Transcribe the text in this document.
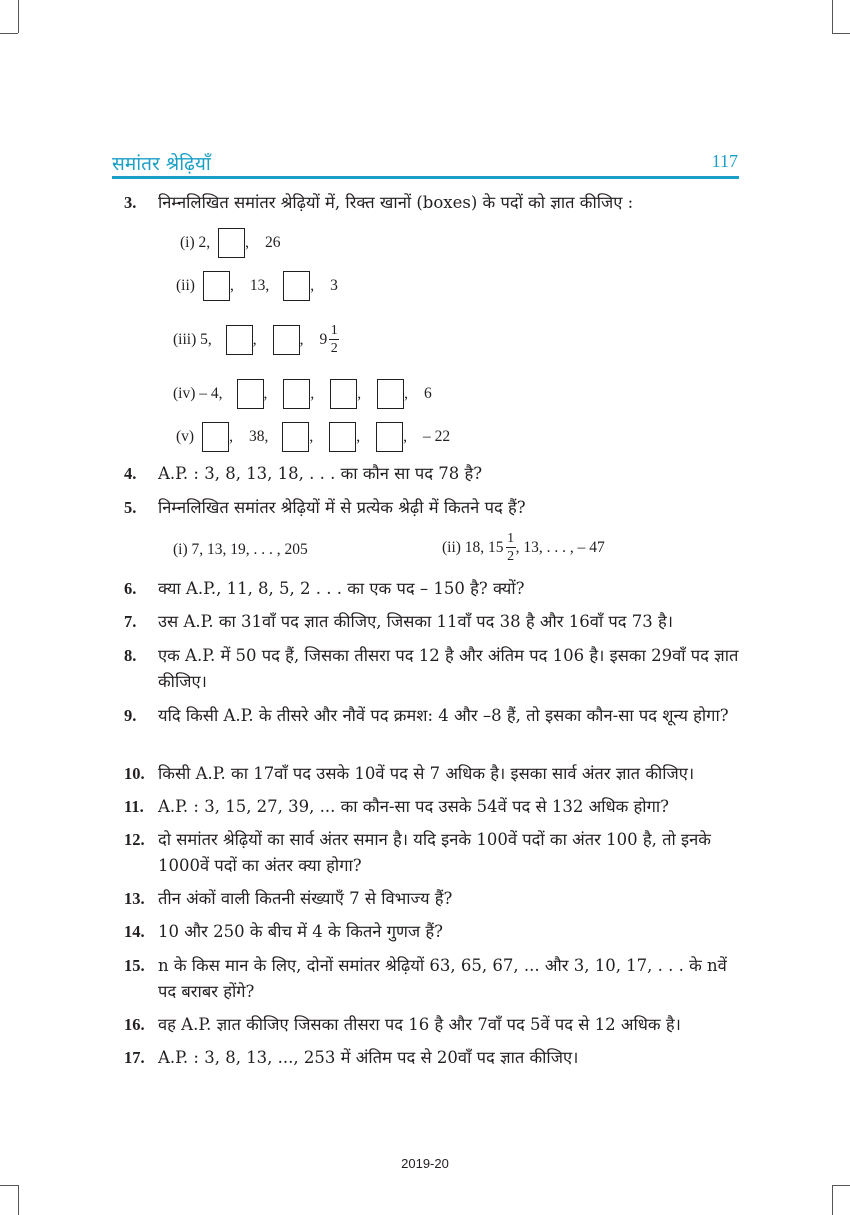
समांतर श्रेढ़ियाँ	117
3.	निम्नलिखित समांतर श्रेढ़ियों में, रिक्त खानों (boxes) के पदों को ज्ञात कीजिए :
(i) 2, , 26
(ii) , 13,	, 3
(iii) 5,	,	, $9 \frac{1}{2}$
(iv) – 4,	,	,	,	, 6
(v) , 38,	,	,	, – 22
4.	A.P. : 3, 8, 13, 18, . . . का कौन सा पद 78 है?
5.	निम्नलिखित समांतर श्रेढ़ियों में से प्रत्येक श्रेढ़ी में कितने पद हैं?
(i) 7, 13, 19, . . . , 205	(ii) 18, $15 \frac{1}{2}$ , 13, . . . , – 47
6.	क्या A.P., 11, 8, 5, 2 . . . का एक पद – 150 है? क्यों?
7.	उस A.P. का 31वाँ पद ज्ञात कीजिए, जिसका 11वाँ पद 38 है और 16वाँ पद 73 है।
8.	एक A.P. में 50 पद हैं, जिसका तीसरा पद 12 है और अंतिम पद 106 है। इसका 29वाँ पद ज्ञात कीजिए।
9.	यदि किसी A.P. के तीसरे और नौवें पद क्रमश: 4 और –8 हैं, तो इसका कौन-सा पद शून्य होगा?
10. किसी A.P. का 17वाँ पद उसके 10वें पद से 7 अधिक है। इसका सार्व अंतर ज्ञात कीजिए।
11. A.P. : 3, 15, 27, 39, ... का कौन-सा पद उसके 54वें पद से 132 अधिक होगा?
12. दो समांतर श्रेढ़ियों का सार्व अंतर समान है। यदि इनके 100वें पदों का अंतर 100 है, तो इनके 1000वें पदों का अंतर क्या होगा?
13. तीन अंकों वाली कितनी संख्याएँ 7 से विभाज्य हैं?
14. 10 और 250 के बीच में 4 के कितने गुणज हैं?
15. n के किस मान के लिए, दोनों समांतर श्रेढ़ियों 63, 65, 67, ... और 3, 10, 17, . . . के nवें पद बराबर होंगे?
16. वह A.P. ज्ञात कीजिए जिसका तीसरा पद 16 है और 7वाँ पद 5वें पद से 12 अधिक है।
17. A.P. : 3, 8, 13, ..., 253 में अंतिम पद से 20वाँ पद ज्ञात कीजिए।
2019-20
